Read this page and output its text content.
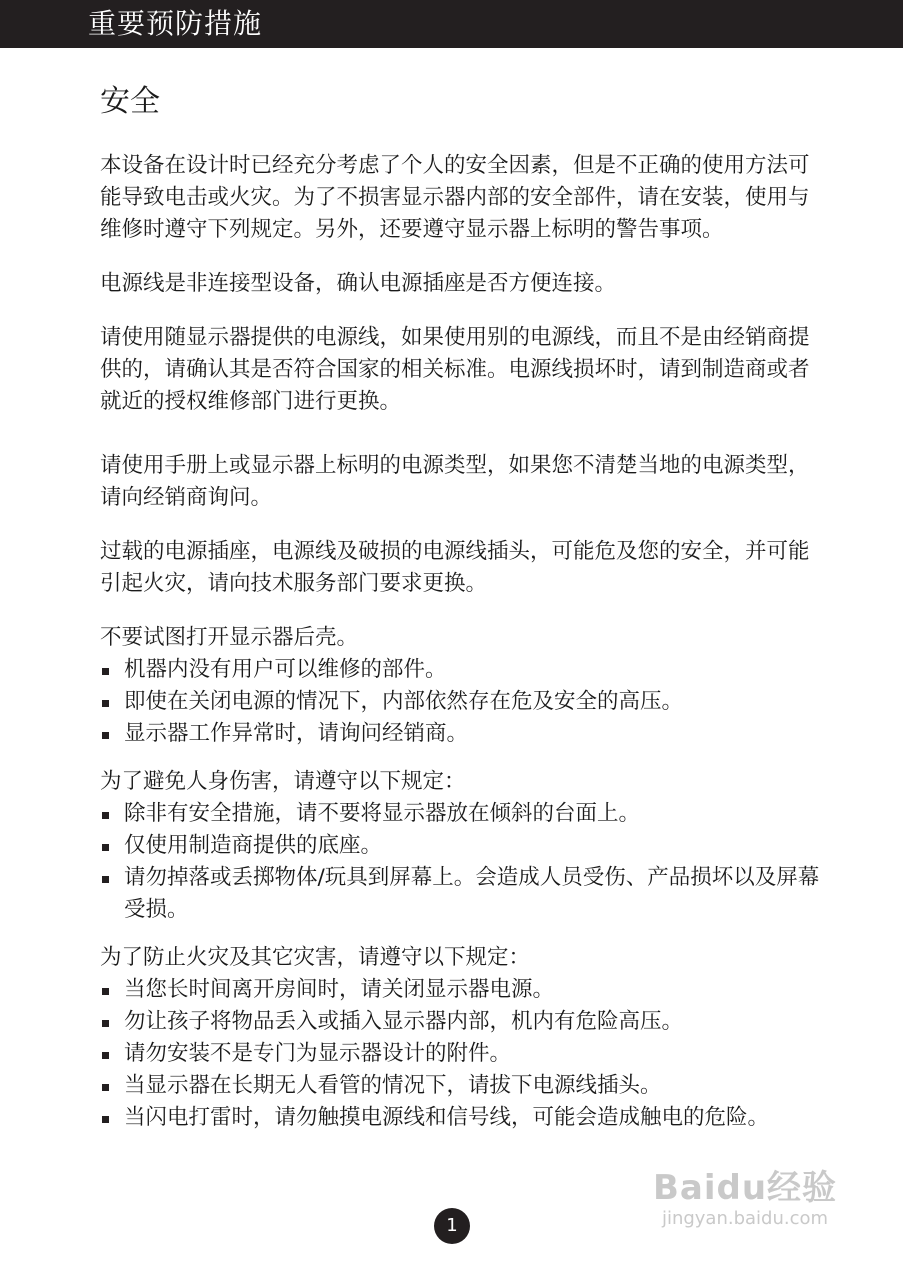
重要预防措施
安全

本设备在设计时已经充分考虑了个人的安全因素，但是不正确的使用方法可能导致电击或火灾。为了不损害显示器内部的安全部件，请在安装，使用与维修时遵守下列规定。另外，还要遵守显示器上标明的警告事项。

电源线是非连接型设备，确认电源插座是否方便连接。

请使用随显示器提供的电源线，如果使用别的电源线，而且不是由经销商提供的，请确认其是否符合国家的相关标准。电源线损坏时，请到制造商或者就近的授权维修部门进行更换。

请使用手册上或显示器上标明的电源类型，如果您不清楚当地的电源类型，请向经销商询问。

过载的电源插座，电源线及破损的电源线插头，可能危及您的安全，并可能引起火灾，请向技术服务部门要求更换。

不要试图打开显示器后壳。

机器内没有用户可以维修的部件。
即使在关闭电源的情况下，内部依然存在危及安全的高压。
显示器工作异常时，请询问经销商。

为了避免人身伤害，请遵守以下规定：

除非有安全措施，请不要将显示器放在倾斜的台面上。
仅使用制造商提供的底座。
请勿掉落或丢掷物体/玩具到屏幕上。会造成人员受伤、产品损坏以及屏幕受损。

为了防止火灾及其它灾害，请遵守以下规定：

当您长时间离开房间时，请关闭显示器电源。
勿让孩子将物品丢入或插入显示器内部，机内有危险高压。
请勿安装不是专门为显示器设计的附件。
当显示器在长期无人看管的情况下，请拔下电源线插头。
当闪电打雷时，请勿触摸电源线和信号线，可能会造成触电的危险。
Baidu经验
jingyan.baidu.com
1
